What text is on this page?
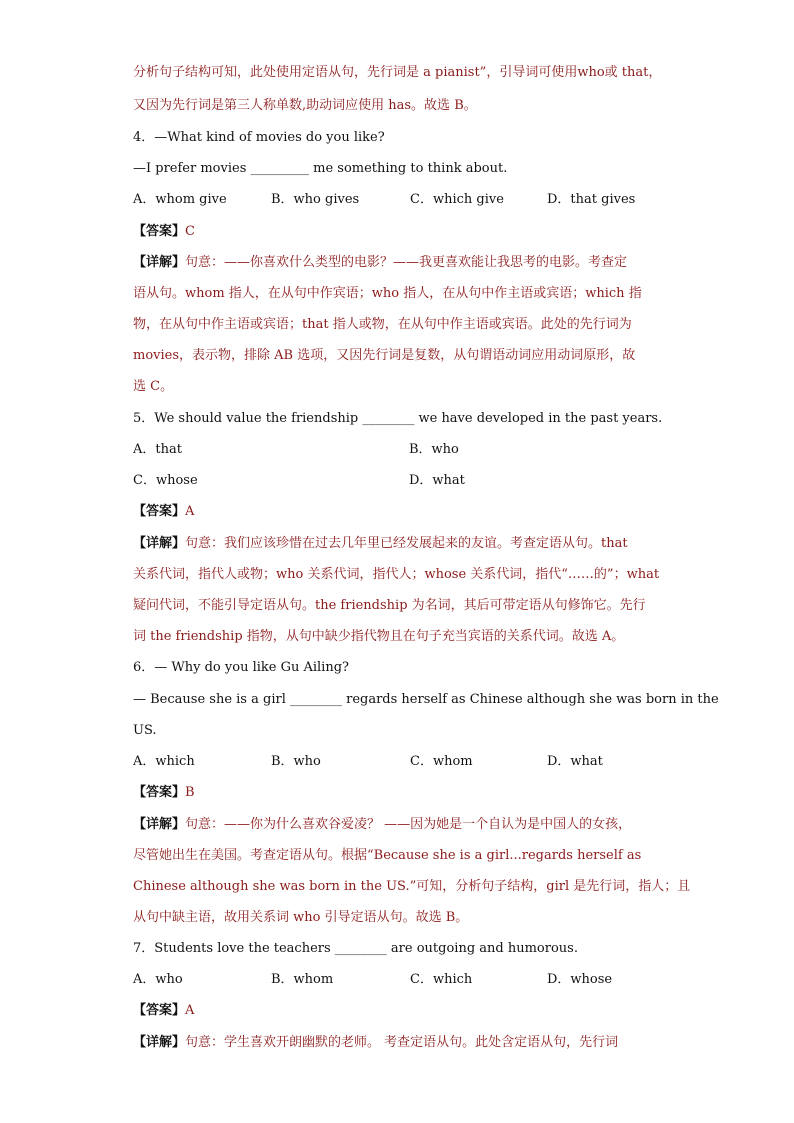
分析句子结构可知，此处使用定语从句，先行词是 a pianist”，引导词可使用who或 that，
又因为先行词是第三人称单数,助动词应使用 has。故选 B。
4．—What kind of movies do you like?
—I prefer movies _________ me something to think about.
A．whom give	B．who gives	C．which give	D．that gives
【答案】C
【详解】句意：——你喜欢什么类型的电影？——我更喜欢能让我思考的电影。考查定
语从句。whom 指人，在从句中作宾语；who 指人，在从句中作主语或宾语；which 指
物，在从句中作主语或宾语；that 指人或物，在从句中作主语或宾语。此处的先行词为
movies，表示物，排除 AB 选项，又因先行词是复数，从句谓语动词应用动词原形，故
选 C。
5．We should value the friendship ________ we have developed in the past years.
A．that	B．who
C．whose	D．what
【答案】A
【详解】句意：我们应该珍惜在过去几年里已经发展起来的友谊。考查定语从句。that
关系代词，指代人或物；who 关系代词，指代人；whose 关系代词，指代“……的”；what
疑问代词，不能引导定语从句。the friendship 为名词，其后可带定语从句修饰它。先行
词 the friendship 指物，从句中缺少指代物且在句子充当宾语的关系代词。故选 A。
6．— Why do you like Gu Ailing?
— Because she is a girl ________ regards herself as Chinese although she was born in the
US.
A．which	B．who	C．whom	D．what
【答案】B
【详解】句意：——你为什么喜欢谷爱凌？ ——因为她是一个自认为是中国人的女孩，
尽管她出生在美国。考查定语从句。根据“Because she is a girl...regards herself as
Chinese although she was born in the US.”可知，分析句子结构，girl 是先行词，指人；且
从句中缺主语，故用关系词 who 引导定语从句。故选 B。
7．Students love the teachers ________ are outgoing and humorous.
A．who	B．whom	C．which	D．whose
【答案】A
【详解】句意：学生喜欢开朗幽默的老师。 考查定语从句。此处含定语从句，先行词
